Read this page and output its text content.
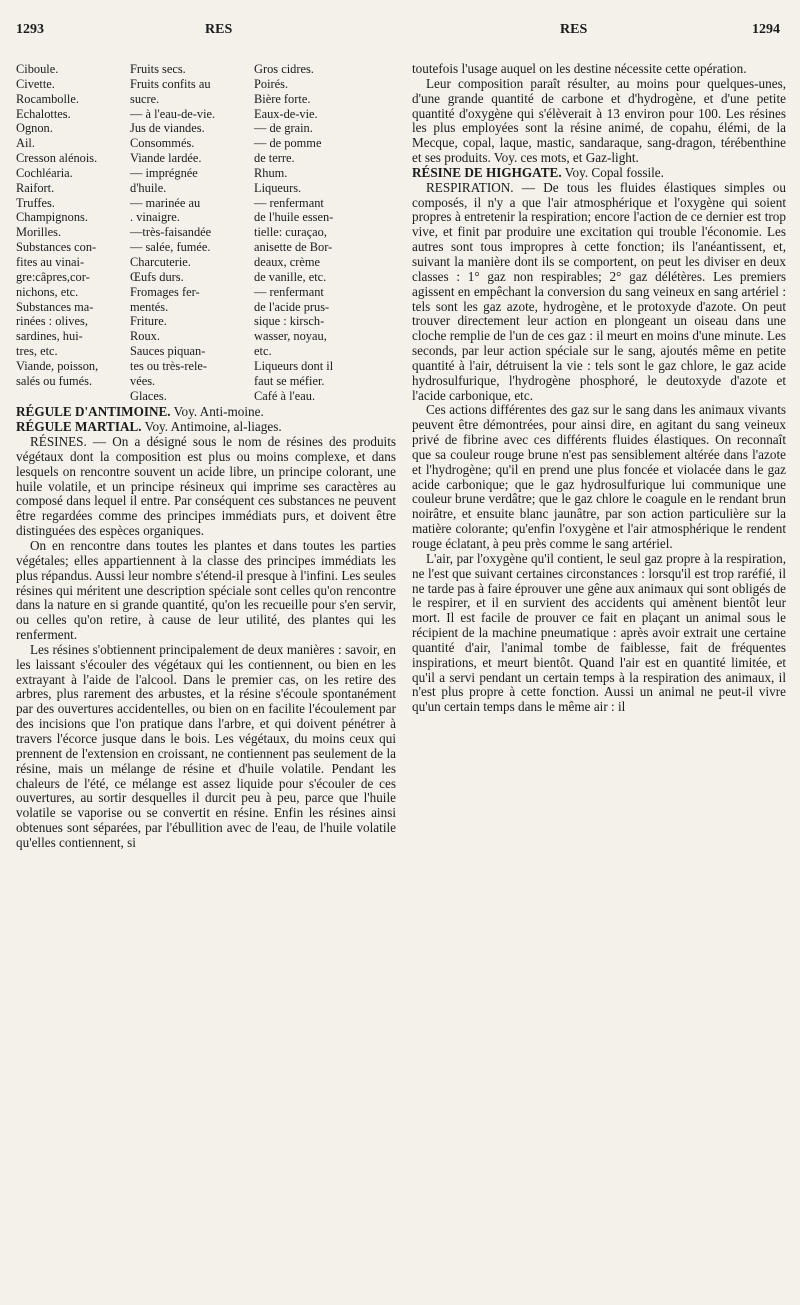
1293	RES	RES	1294
Ciboule.
Civette.
Rocambolle.
Echalottes.
Ognon.
Ail.
Cresson alénois.
Cochléaria.
Raifort.
Truffes.
Champignons.
Morilles.
Substances con-
fites au vinai-
gre:câpres,cor-
nichons, etc.
Substances ma-
rinées : olives,
sardines, hui-
tres, etc.
Viande, poisson,
salés ou fumés.
Fruits secs.
Fruits confits au
sucre.
— à l'eau-de-vie.
Jus de viandes.
Consommés.
Viande lardée.
— imprégnée
d'huile.
— marinée au
. vinaigre.
—très-faisandée
— salée, fumée.
Charcuterie.
Œufs durs.
Fromages fer-
mentés.
Friture.
Roux.
Sauces piquan-
tes ou très-rele-
vées.
Glaces.
Gros cidres.
Poirés.
Bière forte.
Eaux-de-vie.
— de grain.
— de pomme
de terre.
Rhum.
Liqueurs.
— renfermant
de l'huile essen-
tielle: curaçao,
anisette de Bor-
deaux, crème
de vanille, etc.
— renfermant
de l'acide prus-
sique : kirsch-
wasser, noyau,
etc.
Liqueurs dont il
faut se méfier.
Café à l'eau.

RÉGULE D'ANTIMOINE. Voy. Anti-moine.

RÉGULE MARTIAL. Voy. Antimoine, al-liages.

RÉSINES. — On a désigné sous le nom de résines des produits végétaux dont la composition est plus ou moins complexe, et dans lesquels on rencontre souvent un acide libre, un principe colorant, une huile volatile, et un principe résineux qui imprime ses caractères au composé dans lequel il entre. Par conséquent ces substances ne peuvent être regardées comme des principes immédiats purs, et doivent être distinguées des espèces organiques.

On en rencontre dans toutes les plantes et dans toutes les parties végétales; elles appartiennent à la classe des principes immédiats les plus répandus. Aussi leur nombre s'étend-il presque à l'infini. Les seules résines qui méritent une description spéciale sont celles qu'on rencontre dans la nature en si grande quantité, qu'on les recueille pour s'en servir, ou celles qu'on retire, à cause de leur utilité, des plantes qui les renferment.

Les résines s'obtiennent principalement de deux manières : savoir, en les laissant s'écouler des végétaux qui les contiennent, ou bien en les extrayant à l'aide de l'alcool. Dans le premier cas, on les retire des arbres, plus rarement des arbustes, et la résine s'écoule spontanément par des ouvertures accidentelles, ou bien on en facilite l'écoulement par des incisions que l'on pratique dans l'arbre, et qui doivent pénétrer à travers l'écorce jusque dans le bois. Les végétaux, du moins ceux qui prennent de l'extension en croissant, ne contiennent pas seulement de la résine, mais un mélange de résine et d'huile volatile. Pendant les chaleurs de l'été, ce mélange est assez liquide pour s'écouler de ces ouvertures, au sortir desquelles il durcit peu à peu, parce que l'huile volatile se vaporise ou se convertit en résine. Enfin les résines ainsi obtenues sont séparées, par l'ébullition avec de l'eau, de l'huile volatile qu'elles contiennent, si

toutefois l'usage auquel on les destine nécessite cette opération.

Leur composition paraît résulter, au moins pour quelques-unes, d'une grande quantité de carbone et d'hydrogène, et d'une petite quantité d'oxygène qui s'élèverait à 13 environ pour 100. Les résines les plus employées sont la résine animé, de copahu, élémi, de la Mecque, copal, laque, mastic, sandaraque, sang-dragon, térébenthine et ses produits. Voy. ces mots, et Gaz-light.

RÉSINE DE HIGHGATE. Voy. Copal fossile.

RESPIRATION. — De tous les fluides élastiques simples ou composés, il n'y a que l'air atmosphérique et l'oxygène qui soient propres à entretenir la respiration; encore l'action de ce dernier est trop vive, et finit par produire une excitation qui trouble l'économie. Les autres sont tous impropres à cette fonction; ils l'anéantissent, et, suivant la manière dont ils se comportent, on peut les diviser en deux classes : 1° gaz non respirables; 2° gaz délétères. Les premiers agissent en empêchant la conversion du sang veineux en sang artériel : tels sont les gaz azote, hydrogène, et le protoxyde d'azote. On peut trouver directement leur action en plongeant un oiseau dans une cloche remplie de l'un de ces gaz : il meurt en moins d'une minute. Les seconds, par leur action spéciale sur le sang, ajoutés même en petite quantité à l'air, détruisent la vie : tels sont le gaz chlore, le gaz acide hydrosulfurique, l'hydrogène phosphoré, le deutoxyde d'azote et l'acide carbonique, etc.

Ces actions différentes des gaz sur le sang dans les animaux vivants peuvent être démontrées, pour ainsi dire, en agitant du sang veineux privé de fibrine avec ces différents fluides élastiques. On reconnaît que sa couleur rouge brune n'est pas sensiblement altérée dans l'azote et l'hydrogène; qu'il en prend une plus foncée et violacée dans le gaz acide carbonique; que le gaz hydrosulfurique lui communique une couleur brune verdâtre; que le gaz chlore le coagule en le rendant brun noirâtre, et ensuite blanc jaunâtre, par son action particulière sur la matière colorante; qu'enfin l'oxygène et l'air atmosphérique le rendent rouge éclatant, à peu près comme le sang artériel.

L'air, par l'oxygène qu'il contient, le seul gaz propre à la respiration, ne l'est que suivant certaines circonstances : lorsqu'il est trop raréfié, il ne tarde pas à faire éprouver une gêne aux animaux qui sont obligés de le respirer, et il en survient des accidents qui amènent bientôt leur mort. Il est facile de prouver ce fait en plaçant un animal sous le récipient de la machine pneumatique : après avoir extrait une certaine quantité d'air, l'animal tombe de faiblesse, fait de fréquentes inspirations, et meurt bientôt. Quand l'air est en quantité limitée, et qu'il a servi pendant un certain temps à la respiration des animaux, il n'est plus propre à cette fonction. Aussi un animal ne peut-il vivre qu'un certain temps dans le même air : il
